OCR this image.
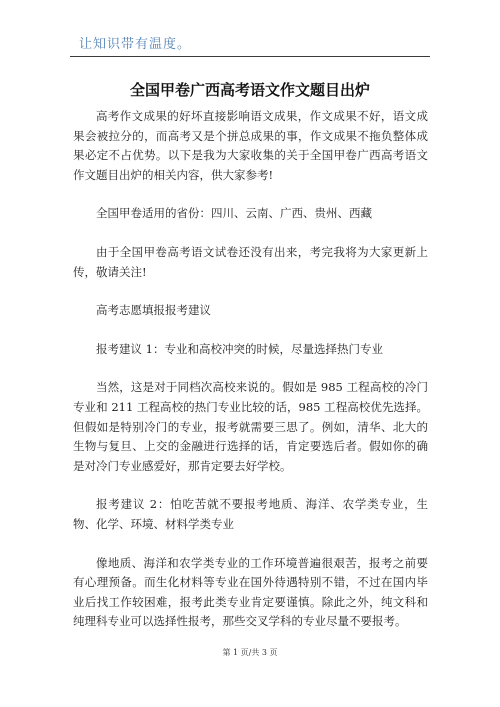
让知识带有温度。
全国甲卷广西高考语文作文题目出炉

高考作文成果的好坏直接影响语文成果，作文成果不好，语文成果会被拉分的，而高考又是个拼总成果的事，作文成果不拖负整体成果必定不占优势。以下是我为大家收集的关于全国甲卷广西高考语文作文题目出炉的相关内容，供大家参考!

全国甲卷适用的省份：四川、云南、广西、贵州、西藏

由于全国甲卷高考语文试卷还没有出来，考完我将为大家更新上传，敬请关注!

高考志愿填报报考建议

报考建议 1：专业和高校冲突的时候，尽量选择热门专业

当然，这是对于同档次高校来说的。假如是 985 工程高校的冷门专业和 211 工程高校的热门专业比较的话，985 工程高校优先选择。但假如是特别冷门的专业，报考就需要三思了。例如，清华、北大的生物与复旦、上交的金融进行选择的话，肯定要选后者。假如你的确是对冷门专业感爱好，那肯定要去好学校。

报考建议 2：怕吃苦就不要报考地质、海洋、农学类专业，生物、化学、环境、材料学类专业

像地质、海洋和农学类专业的工作环境普遍很艰苦，报考之前要有心理预备。而生化材料等专业在国外待遇特别不错，不过在国内毕业后找工作较困难，报考此类专业肯定要谨慎。除此之外，纯文科和纯理科专业可以选择性报考，那些交叉学科的专业尽量不要报考。

第 1 页/共 3 页
